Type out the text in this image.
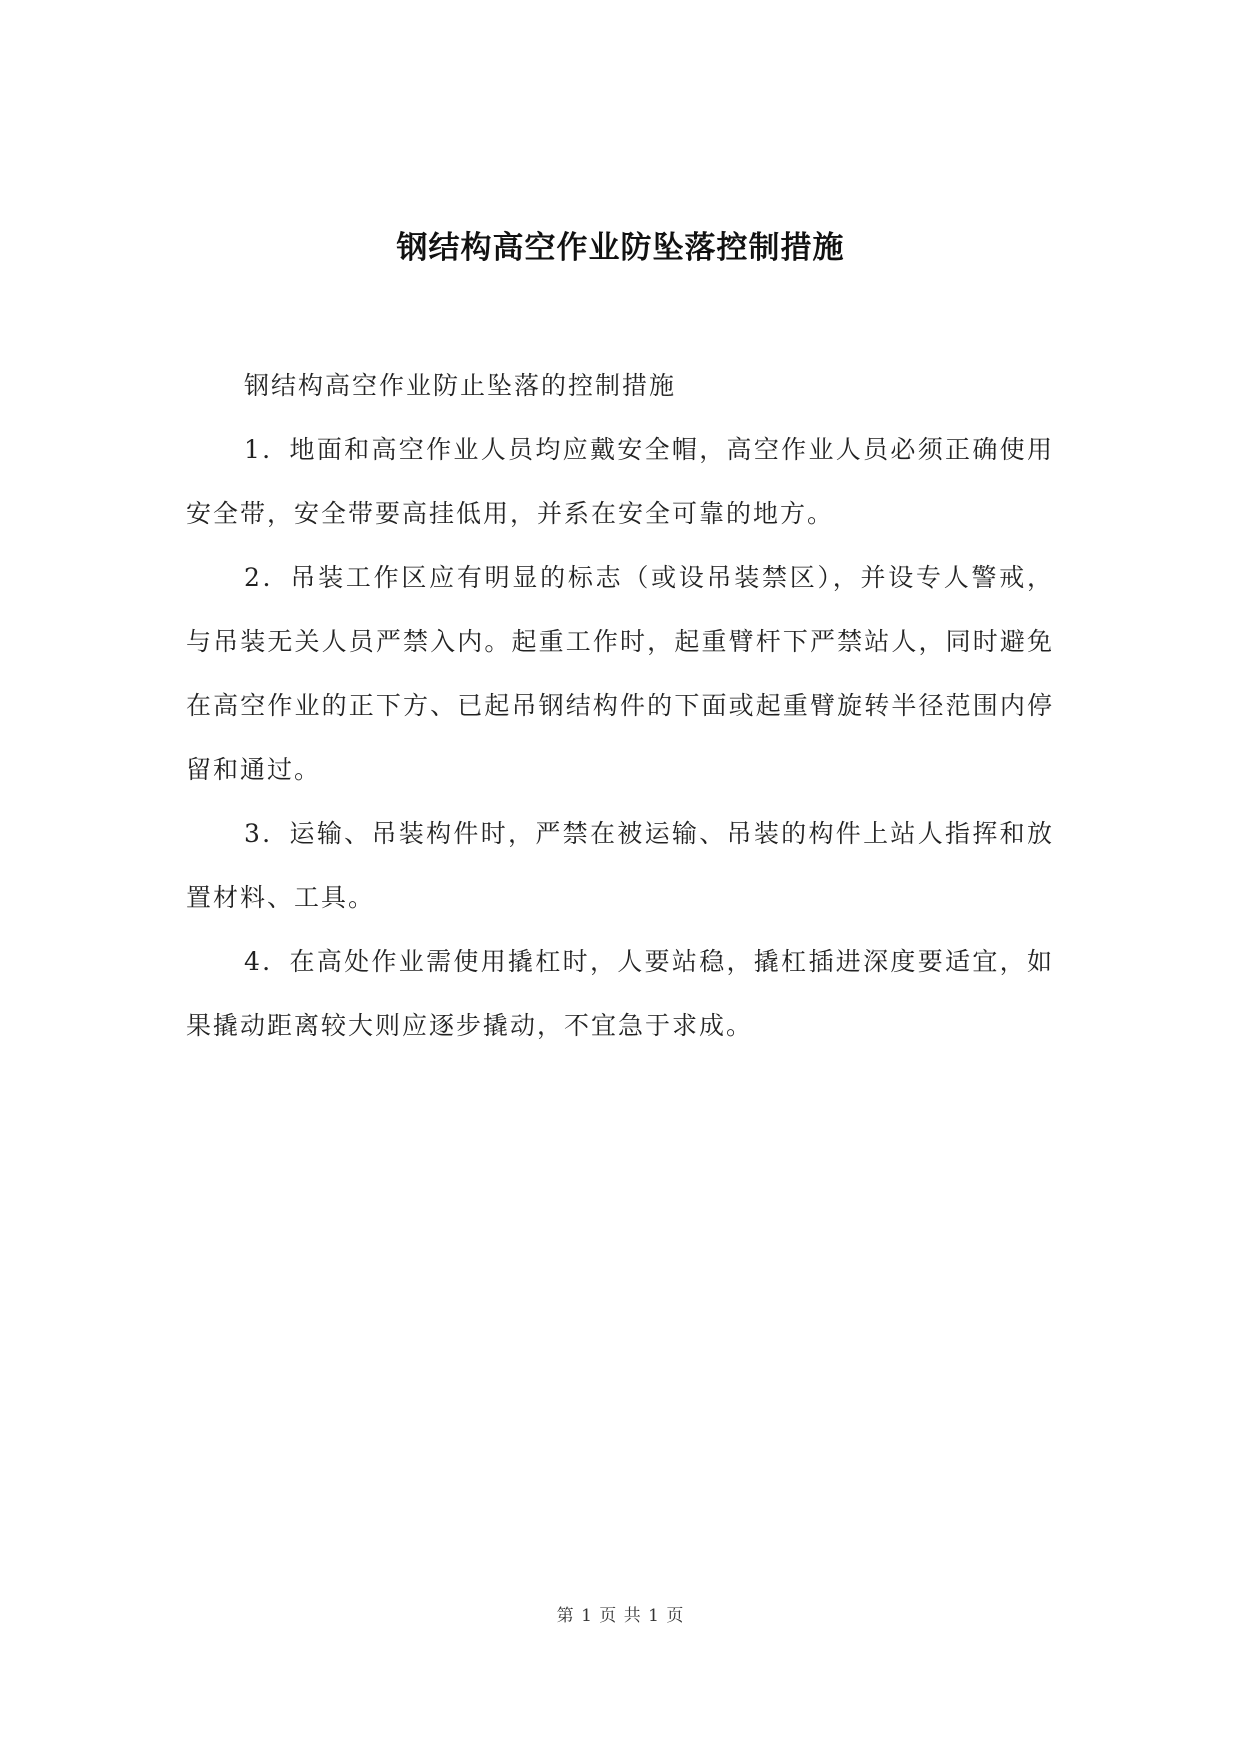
钢结构高空作业防坠落控制措施

钢结构高空作业防止坠落的控制措施

1．地面和高空作业人员均应戴安全帽，高空作业人员必须正确使用安全带，安全带要高挂低用，并系在安全可靠的地方。

2．吊装工作区应有明显的标志（或设吊装禁区），并设专人警戒，与吊装无关人员严禁入内。起重工作时，起重臂杆下严禁站人，同时避免在高空作业的正下方、已起吊钢结构件的下面或起重臂旋转半径范围内停留和通过。

3．运输、吊装构件时，严禁在被运输、吊装的构件上站人指挥和放置材料、工具。

4．在高处作业需使用撬杠时，人要站稳，撬杠插进深度要适宜，如果撬动距离较大则应逐步撬动，不宜急于求成。

第 1 页 共 1 页
